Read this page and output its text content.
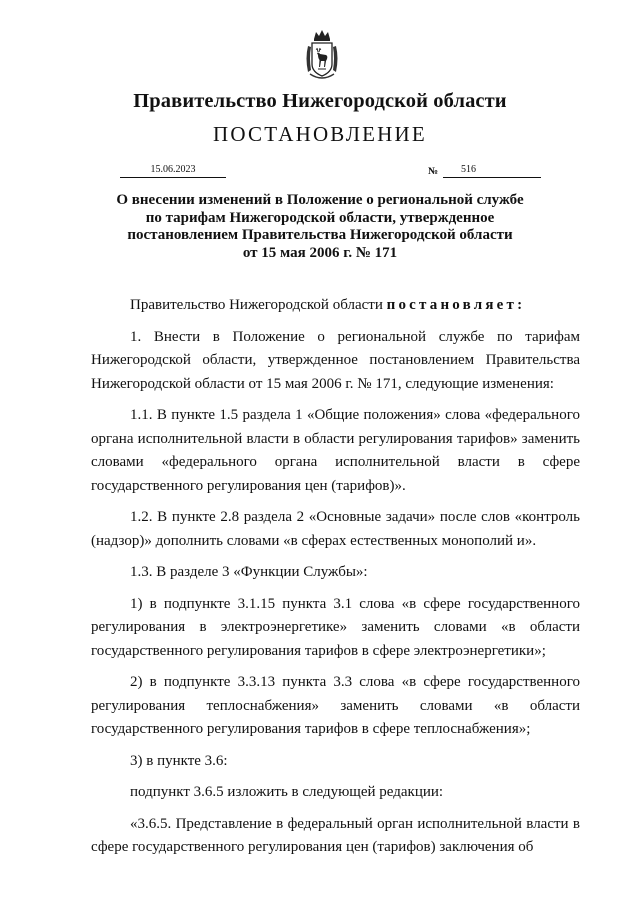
Правительство Нижегородской области
ПОСТАНОВЛЕНИЕ
15.06.2023	№	516
О внесении изменений в Положение о региональной службе
по тарифам Нижегородской области, утвержденное
постановлением Правительства Нижегородской области
от 15 мая 2006 г. № 171

Правительство Нижегородской области постановляет:

1. Внести в Положение о региональной службе по тарифам Нижегородской области, утвержденное постановлением Правительства Нижегородской области от 15 мая 2006 г. № 171, следующие изменения:

1.1. В пункте 1.5 раздела 1 «Общие положения» слова «федерального органа исполнительной власти в области регулирования тарифов» заменить словами «федерального органа исполнительной власти в сфере государственного регулирования цен (тарифов)».

1.2. В пункте 2.8 раздела 2 «Основные задачи» после слов «контроль (надзор)» дополнить словами «в сферах естественных монополий и».

1.3. В разделе 3 «Функции Службы»:

1) в подпункте 3.1.15 пункта 3.1 слова «в сфере государственного регулирования в электроэнергетике» заменить словами «в области государственного регулирования тарифов в сфере электроэнергетики»;

2) в подпункте 3.3.13 пункта 3.3 слова «в сфере государственного регулирования теплоснабжения» заменить словами «в области государственного регулирования тарифов в сфере теплоснабжения»;

3) в пункте 3.6:

подпункт 3.6.5 изложить в следующей редакции:

«3.6.5. Представление в федеральный орган исполнительной власти в сфере государственного регулирования цен (тарифов) заключения об
